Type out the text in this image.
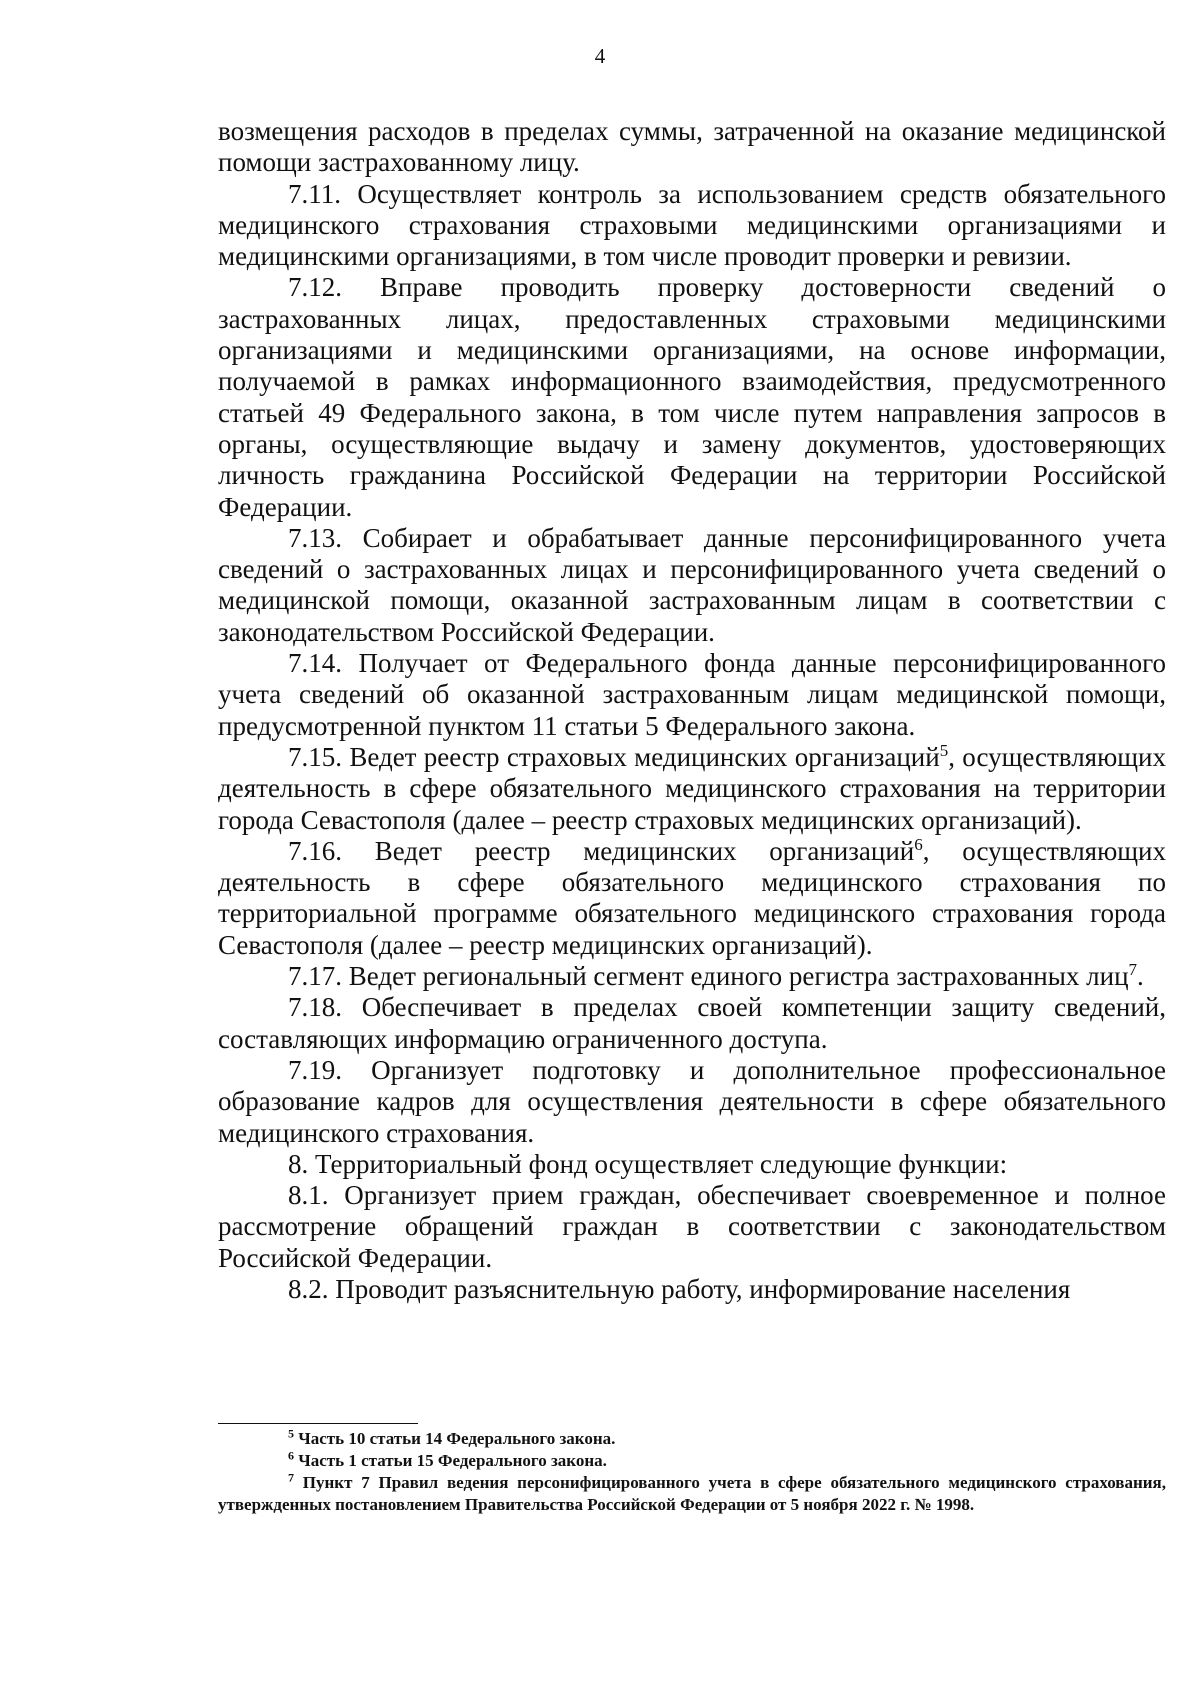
4

возмещения расходов в пределах суммы, затраченной на оказание медицинской помощи застрахованному лицу.

7.11. Осуществляет контроль за использованием средств обязательного медицинского страхования страховыми медицинскими организациями и медицинскими организациями, в том числе проводит проверки и ревизии.

7.12. Вправе проводить проверку достоверности сведений о застрахованных лицах, предоставленных страховыми медицинскими организациями и медицинскими организациями, на основе информации, получаемой в рамках информационного взаимодействия, предусмотренного статьей 49 Федерального закона, в том числе путем направления запросов в органы, осуществляющие выдачу и замену документов, удостоверяющих личность гражданина Российской Федерации на территории Российской Федерации.

7.13. Собирает и обрабатывает данные персонифицированного учета сведений о застрахованных лицах и персонифицированного учета сведений о медицинской помощи, оказанной застрахованным лицам в соответствии с законодательством Российской Федерации.

7.14. Получает от Федерального фонда данные персонифицированного учета сведений об оказанной застрахованным лицам медицинской помощи, предусмотренной пунктом 11 статьи 5 Федерального закона.

7.15. Ведет реестр страховых медицинских организаций$^5$, осуществляющих деятельность в сфере обязательного медицинского страхования на территории города Севастополя (далее – реестр страховых медицинских организаций).

7.16. Ведет реестр медицинских организаций$^6$, осуществляющих деятельность в сфере обязательного медицинского страхования по территориальной программе обязательного медицинского страхования города Севастополя (далее – реестр медицинских организаций).

7.17. Ведет региональный сегмент единого регистра застрахованных лиц$^7$.

7.18. Обеспечивает в пределах своей компетенции защиту сведений, составляющих информацию ограниченного доступа.

7.19. Организует подготовку и дополнительное профессиональное образование кадров для осуществления деятельности в сфере обязательного медицинского страхования.

8. Территориальный фонд осуществляет следующие функции:

8.1. Организует прием граждан, обеспечивает своевременное и полное рассмотрение обращений граждан в соответствии с законодательством Российской Федерации.

8.2. Проводит разъяснительную работу, информирование населения

$^5$ Часть 10 статьи 14 Федерального закона.

$^6$ Часть 1 статьи 15 Федерального закона.

$^7$ Пункт 7 Правил ведения персонифицированного учета в сфере обязательного медицинского страхования, утвержденных постановлением Правительства Российской Федерации от 5 ноября 2022 г. № 1998.
